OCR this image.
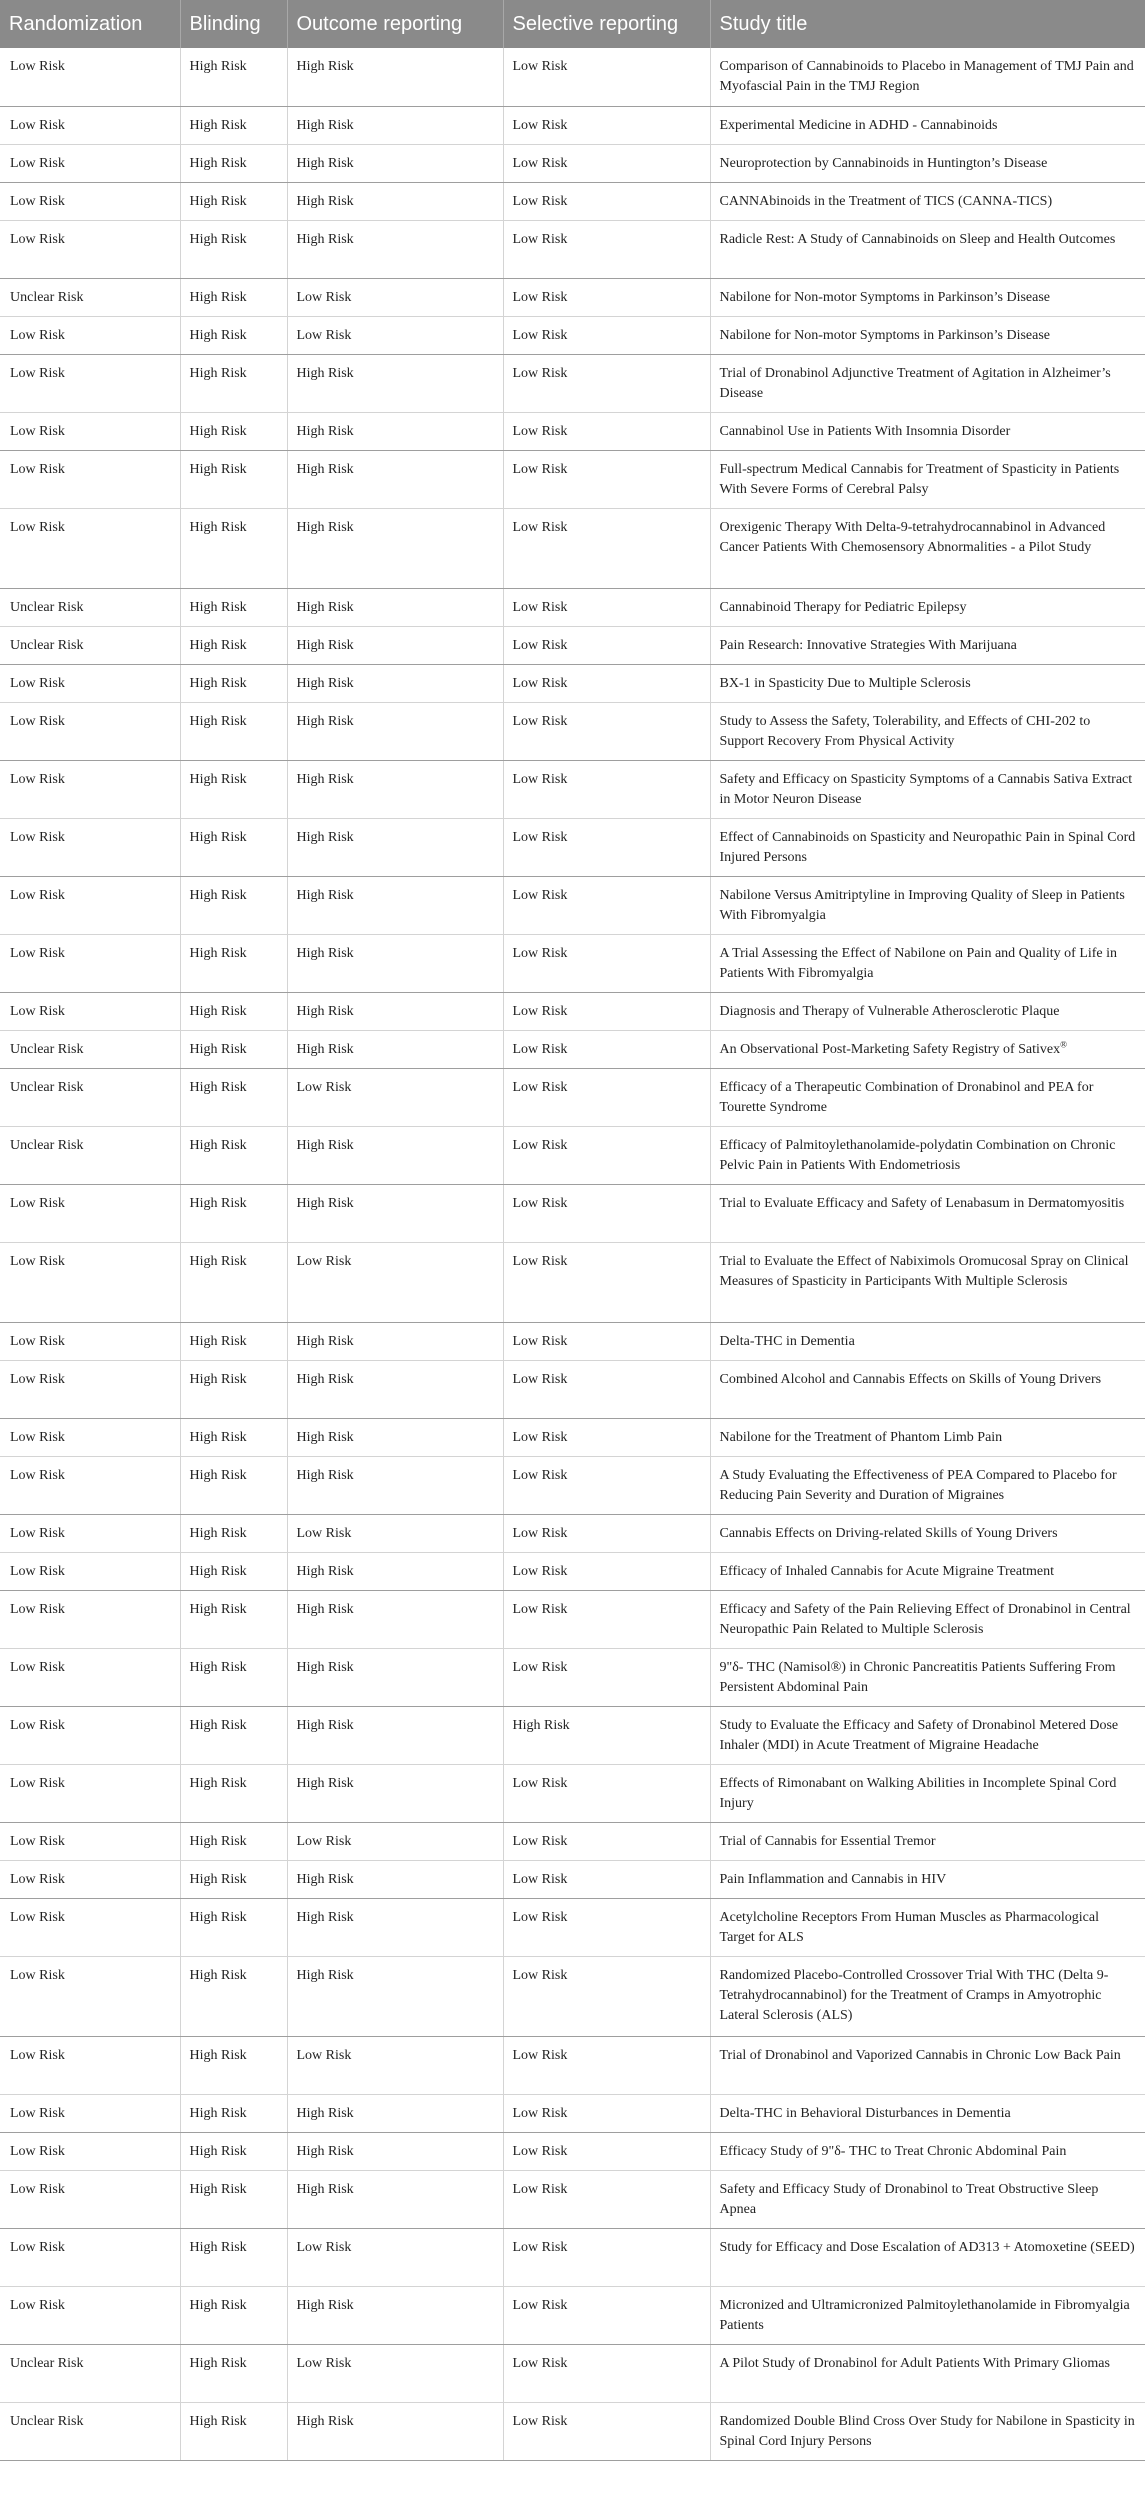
Randomization	Blinding	Outcome reporting	Selective reporting	Study title
Low Risk	High Risk	High Risk	Low Risk	Comparison of Cannabinoids to Placebo in Management of TMJ Pain and Myofascial Pain in the TMJ Region
Low Risk	High Risk	High Risk	Low Risk	Experimental Medicine in ADHD - Cannabinoids
Low Risk	High Risk	High Risk	Low Risk	Neuroprotection by Cannabinoids in Huntington’s Disease
Low Risk	High Risk	High Risk	Low Risk	CANNAbinoids in the Treatment of TICS (CANNA-TICS)
Low Risk	High Risk	High Risk	Low Risk	Radicle Rest: A Study of Cannabinoids on Sleep and Health Outcomes
Unclear Risk	High Risk	Low Risk	Low Risk	Nabilone for Non-motor Symptoms in Parkinson’s Disease
Low Risk	High Risk	Low Risk	Low Risk	Nabilone for Non-motor Symptoms in Parkinson’s Disease
Low Risk	High Risk	High Risk	Low Risk	Trial of Dronabinol Adjunctive Treatment of Agitation in Alzheimer’s Disease
Low Risk	High Risk	High Risk	Low Risk	Cannabinol Use in Patients With Insomnia Disorder
Low Risk	High Risk	High Risk	Low Risk	Full-spectrum Medical Cannabis for Treatment of Spasticity in Patients With Severe Forms of Cerebral Palsy
Low Risk	High Risk	High Risk	Low Risk	Orexigenic Therapy With Delta-9-tetrahydrocannabinol in Advanced Cancer Patients With Chemosensory Abnormalities - a Pilot Study
Unclear Risk	High Risk	High Risk	Low Risk	Cannabinoid Therapy for Pediatric Epilepsy
Unclear Risk	High Risk	High Risk	Low Risk	Pain Research: Innovative Strategies With Marijuana
Low Risk	High Risk	High Risk	Low Risk	BX-1 in Spasticity Due to Multiple Sclerosis
Low Risk	High Risk	High Risk	Low Risk	Study to Assess the Safety, Tolerability, and Effects of CHI-202 to Support Recovery From Physical Activity
Low Risk	High Risk	High Risk	Low Risk	Safety and Efficacy on Spasticity Symptoms of a Cannabis Sativa Extract in Motor Neuron Disease
Low Risk	High Risk	High Risk	Low Risk	Effect of Cannabinoids on Spasticity and Neuropathic Pain in Spinal Cord Injured Persons
Low Risk	High Risk	High Risk	Low Risk	Nabilone Versus Amitriptyline in Improving Quality of Sleep in Patients With Fibromyalgia
Low Risk	High Risk	High Risk	Low Risk	A Trial Assessing the Effect of Nabilone on Pain and Quality of Life in Patients With Fibromyalgia
Low Risk	High Risk	High Risk	Low Risk	Diagnosis and Therapy of Vulnerable Atherosclerotic Plaque
Unclear Risk	High Risk	High Risk	Low Risk	An Observational Post-Marketing Safety Registry of Sativex®
Unclear Risk	High Risk	Low Risk	Low Risk	Efficacy of a Therapeutic Combination of Dronabinol and PEA for Tourette Syndrome
Unclear Risk	High Risk	High Risk	Low Risk	Efficacy of Palmitoylethanolamide-polydatin Combination on Chronic Pelvic Pain in Patients With Endometriosis
Low Risk	High Risk	High Risk	Low Risk	Trial to Evaluate Efficacy and Safety of Lenabasum in Dermatomyositis
Low Risk	High Risk	Low Risk	Low Risk	Trial to Evaluate the Effect of Nabiximols Oromucosal Spray on Clinical Measures of Spasticity in Participants With Multiple Sclerosis
Low Risk	High Risk	High Risk	Low Risk	Delta-THC in Dementia
Low Risk	High Risk	High Risk	Low Risk	Combined Alcohol and Cannabis Effects on Skills of Young Drivers
Low Risk	High Risk	High Risk	Low Risk	Nabilone for the Treatment of Phantom Limb Pain
Low Risk	High Risk	High Risk	Low Risk	A Study Evaluating the Effectiveness of PEA Compared to Placebo for Reducing Pain Severity and Duration of Migraines
Low Risk	High Risk	Low Risk	Low Risk	Cannabis Effects on Driving-related Skills of Young Drivers
Low Risk	High Risk	High Risk	Low Risk	Efficacy of Inhaled Cannabis for Acute Migraine Treatment
Low Risk	High Risk	High Risk	Low Risk	Efficacy and Safety of the Pain Relieving Effect of Dronabinol in Central Neuropathic Pain Related to Multiple Sclerosis
Low Risk	High Risk	High Risk	Low Risk	9"δ- THC (Namisol®) in Chronic Pancreatitis Patients Suffering From Persistent Abdominal Pain
Low Risk	High Risk	High Risk	High Risk	Study to Evaluate the Efficacy and Safety of Dronabinol Metered Dose Inhaler (MDI) in Acute Treatment of Migraine Headache
Low Risk	High Risk	High Risk	Low Risk	Effects of Rimonabant on Walking Abilities in Incomplete Spinal Cord Injury
Low Risk	High Risk	Low Risk	Low Risk	Trial of Cannabis for Essential Tremor
Low Risk	High Risk	High Risk	Low Risk	Pain Inflammation and Cannabis in HIV
Low Risk	High Risk	High Risk	Low Risk	Acetylcholine Receptors From Human Muscles as Pharmacological Target for ALS
Low Risk	High Risk	High Risk	Low Risk	Randomized Placebo-Controlled Crossover Trial With THC (Delta 9-Tetrahydrocannabinol) for the Treatment of Cramps in Amyotrophic Lateral Sclerosis (ALS)
Low Risk	High Risk	Low Risk	Low Risk	Trial of Dronabinol and Vaporized Cannabis in Chronic Low Back Pain
Low Risk	High Risk	High Risk	Low Risk	Delta-THC in Behavioral Disturbances in Dementia
Low Risk	High Risk	High Risk	Low Risk	Efficacy Study of 9"δ- THC to Treat Chronic Abdominal Pain
Low Risk	High Risk	High Risk	Low Risk	Safety and Efficacy Study of Dronabinol to Treat Obstructive Sleep Apnea
Low Risk	High Risk	Low Risk	Low Risk	Study for Efficacy and Dose Escalation of AD313 + Atomoxetine (SEED)
Low Risk	High Risk	High Risk	Low Risk	Micronized and Ultramicronized Palmitoylethanolamide in Fibromyalgia Patients
Unclear Risk	High Risk	Low Risk	Low Risk	A Pilot Study of Dronabinol for Adult Patients With Primary Gliomas
Unclear Risk	High Risk	High Risk	Low Risk	Randomized Double Blind Cross Over Study for Nabilone in Spasticity in Spinal Cord Injury Persons
